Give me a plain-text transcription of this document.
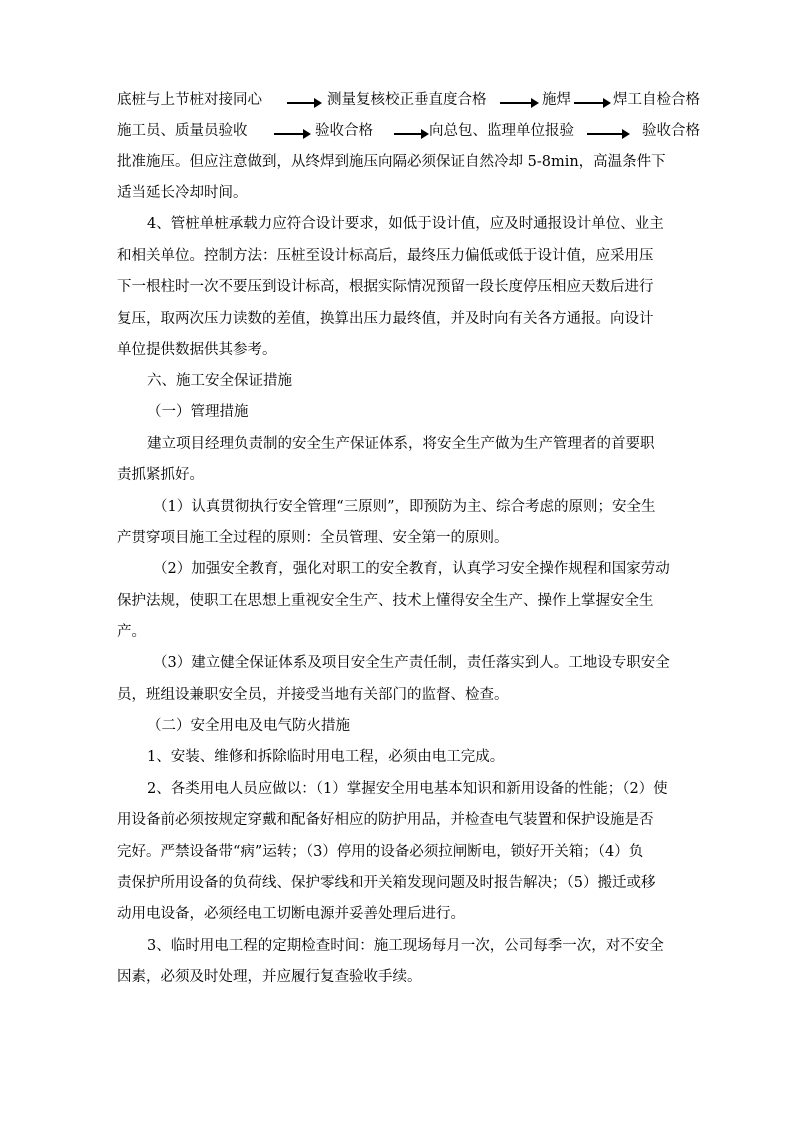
底桩与上节桩对接同心	测量复核校正垂直度合格	施焊	焊工自检合格
施工员、质量员验收	验收合格	向总包、监理单位报验	验收合格
批准施压。但应注意做到，从终焊到施压向隔必须保证自然冷却 5-8min，高温条件下
适当延长冷却时间。
4、管桩单桩承载力应符合设计要求，如低于设计值，应及时通报设计单位、业主
和相关单位。控制方法：压桩至设计标高后，最终压力偏低或低于设计值，应采用压
下一根柱时一次不要压到设计标高，根据实际情况预留一段长度停压相应天数后进行
复压，取两次压力读数的差值，换算出压力最终值，并及时向有关各方通报。向设计
单位提供数据供其参考。
六、施工安全保证措施
（一）管理措施
建立项目经理负责制的安全生产保证体系，将安全生产做为生产管理者的首要职
责抓紧抓好。
（1）认真贯彻执行安全管理“三原则”，即预防为主、综合考虑的原则；安全生
产贯穿项目施工全过程的原则：全员管理、安全第一的原则。
（2）加强安全教育，强化对职工的安全教育，认真学习安全操作规程和国家劳动
保护法规，使职工在思想上重视安全生产、技术上懂得安全生产、操作上掌握安全生
产。
（3）建立健全保证体系及项目安全生产责任制，责任落实到人。工地设专职安全
员，班组设兼职安全员，并接受当地有关部门的监督、检查。
（二）安全用电及电气防火措施
1、安装、维修和拆除临时用电工程，必须由电工完成。
2、各类用电人员应做以：（1）掌握安全用电基本知识和新用设备的性能；（2）使
用设备前必须按规定穿戴和配备好相应的防护用品，并检查电气装置和保护设施是否
完好。严禁设备带“病”运转；（3）停用的设备必须拉闸断电，锁好开关箱；（4）负
责保护所用设备的负荷线、保护零线和开关箱发现问题及时报告解决；（5）搬迁或移
动用电设备，必须经电工切断电源并妥善处理后进行。
3、临时用电工程的定期检查时间：施工现场每月一次，公司每季一次，对不安全
因素，必须及时处理，并应履行复查验收手续。
